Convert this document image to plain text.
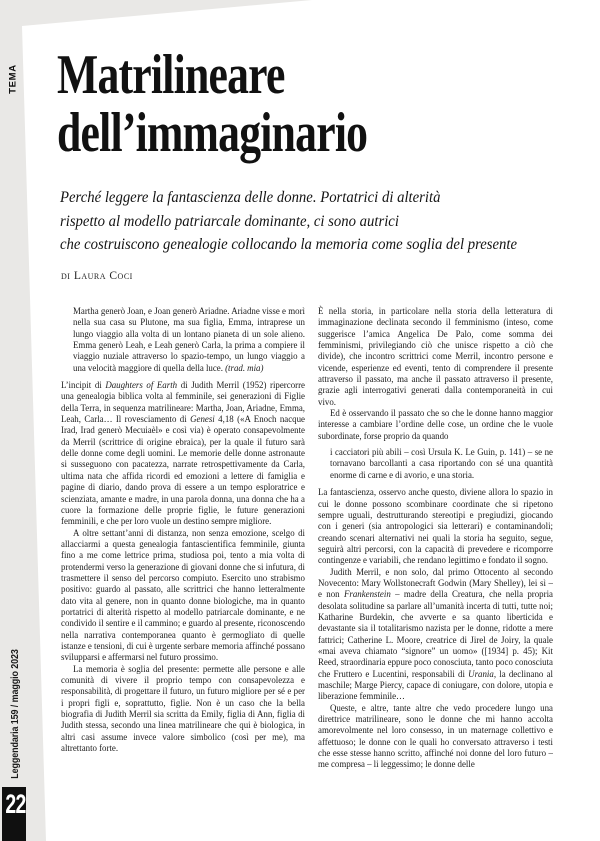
TEMA
Leggendaria 159 / maggio 2023
22
Matrilineare
dell’immaginario
Perché leggere la fantascienza delle donne. Portatrici di alterità
rispetto al modello patriarcale dominante, ci sono autrici
che costruiscono genealogie collocando la memoria come soglia del presente
di Laura Coci
Martha generò Joan, e Joan generò Ariadne. Ariadne visse e morì nella sua casa su Plutone, ma sua figlia, Emma, intraprese un lungo viaggio alla volta di un lontano pianeta di un sole alieno. Emma generò Leah, e Leah generò Carla, la prima a compiere il viaggio nuziale attraverso lo spazio-tempo, un lungo viaggio a una velocità maggiore di quella della luce. (trad. mia)
L’incipit di Daughters of Earth di Judith Merril (1952) ripercorre una genealogia biblica volta al femminile, sei generazioni di Figlie della Terra, in sequenza matrilineare: Martha, Joan, Ariadne, Emma, Leah, Carla… Il rovesciamento di Genesi 4,18 («A Enoch nacque Irad, Irad generò Mecuiaèl» e così via) è operato consapevolmente da Merril (scrittrice di origine ebraica), per la quale il futuro sarà delle donne come degli uomini. Le memorie delle donne astronaute si susseguono con pacatezza, narrate retrospettivamente da Carla, ultima nata che affida ricordi ed emozioni a lettere di famiglia e pagine di diario, dando prova di essere a un tempo esploratrice e scienziata, amante e madre, in una parola donna, una donna che ha a cuore la formazione delle proprie figlie, le future generazioni femminili, e che per loro vuole un destino sempre migliore.
A oltre settant’anni di distanza, non senza emozione, scelgo di allacciarmi a questa genealogia fantascientifica femminile, giunta fino a me come lettrice prima, studiosa poi, tento a mia volta di protendermi verso la generazione di giovani donne che si infutura, di trasmettere il senso del percorso compiuto. Esercito uno strabismo positivo: guardo al passato, alle scrittrici che hanno letteralmente dato vita al genere, non in quanto donne biologiche, ma in quanto portatrici di alterità rispetto al modello patriarcale dominante, e ne condivido il sentire e il cammino; e guardo al presente, riconoscendo nella narrativa contemporanea quanto è germogliato di quelle istanze e tensioni, di cui è urgente serbare memoria affinché possano svilupparsi e affermarsi nel futuro prossimo.
La memoria è soglia del presente: permette alle persone e alle comunità di vivere il proprio tempo con consapevolezza e responsabilità, di progettare il futuro, un futuro migliore per sé e per i propri figli e, soprattutto, figlie. Non è un caso che la bella biografia di Judith Merril sia scritta da Emily, figlia di Ann, figlia di Judith stessa, secondo una linea matrilineare che qui è biologica, in altri casi assume invece valore simbolico (così per me), ma altrettanto forte.
È nella storia, in particolare nella storia della letteratura di immaginazione declinata secondo il femminismo (inteso, come suggerisce l’amica Angelica De Palo, come somma dei femminismi, privilegiando ciò che unisce rispetto a ciò che divide), che incontro scrittrici come Merril, incontro persone e vicende, esperienze ed eventi, tento di comprendere il presente attraverso il passato, ma anche il passato attraverso il presente, grazie agli interrogativi generati dalla contemporaneità in cui vivo.
Ed è osservando il passato che so che le donne hanno maggior interesse a cambiare l’ordine delle cose, un ordine che le vuole subordinate, forse proprio da quando
i cacciatori più abili – così Ursula K. Le Guin, p. 141) – se ne tornavano barcollanti a casa riportando con sé una quantità enorme di carne e di avorio, e una storia.
La fantascienza, osservo anche questo, diviene allora lo spazio in cui le donne possono scombinare coordinate che si ripetono sempre uguali, destrutturando stereotipi e pregiudizi, giocando con i generi (sia antropologici sia letterari) e contaminandoli; creando scenari alternativi nei quali la storia ha seguito, segue, seguirà altri percorsi, con la capacità di prevedere e ricomporre contingenze e variabili, che rendano legittimo e fondato il sogno.
Judith Merril, e non solo, dal primo Ottocento al secondo Novecento: Mary Wollstonecraft Godwin (Mary Shelley), lei sì – e non Frankenstein – madre della Creatura, che nella propria desolata solitudine sa parlare all’umanità incerta di tutti, tutte noi; Katharine Burdekin, che avverte e sa quanto liberticida e devastante sia il totalitarismo nazista per le donne, ridotte a mere fattrici; Catherine L. Moore, creatrice di Jirel de Joiry, la quale «mai aveva chiamato “signore” un uomo» ([1934] p. 45); Kit Reed, straordinaria eppure poco conosciuta, tanto poco conosciuta che Fruttero e Lucentini, responsabili di Urania, la declinano al maschile; Marge Piercy, capace di coniugare, con dolore, utopia e liberazione femminile…
Queste, e altre, tante altre che vedo procedere lungo una direttrice matrilineare, sono le donne che mi hanno accolta amorevolmente nel loro consesso, in un maternage collettivo e affettuoso; le donne con le quali ho conversato attraverso i testi che esse stesse hanno scritto, affinché noi donne del loro futuro – me compresa – li leggessimo; le donne delle
